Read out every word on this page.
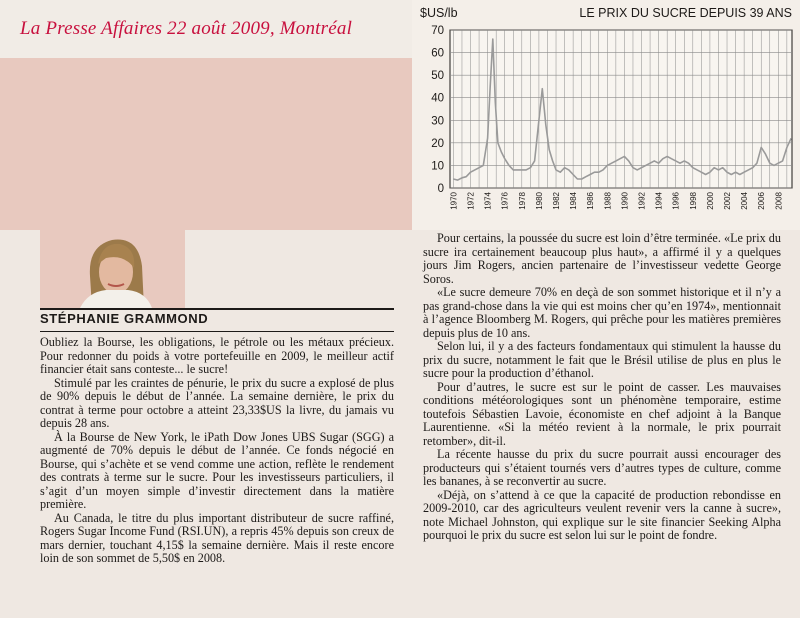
La Presse Affaires 22 août 2009, Montréal
$US/lb	LE PRIX DU SUCRE DEPUIS 39 ANS
0
10
20
30
40
50
60
70
1970 1972 1974 1976 1978 1980 1982 1984 1986 1988 1990 1992 1994 1996 1998 2000 2002 2004 2006 2008
STÉPHANIE GRAMMOND

Oubliez la Bourse, les obligations, le pétrole ou les métaux précieux. Pour redonner du poids à votre portefeuille en 2009, le meilleur actif financier était sans conteste... le sucre!

Stimulé par les craintes de pénurie, le prix du sucre a explosé de plus de 90% depuis le début de l’année. La semaine dernière, le prix du contrat à terme pour octobre a atteint 23,33$US la livre, du jamais vu depuis 28 ans.

À la Bourse de New York, le iPath Dow Jones UBS Sugar (SGG) a augmenté de 70% depuis le début de l’année. Ce fonds négocié en Bourse, qui s’achète et se vend comme une action, reflète le rendement des contrats à terme sur le sucre. Pour les investisseurs particuliers, il s’agit d’un moyen simple d’investir directement dans la matière première.

Au Canada, le titre du plus important distributeur de sucre raffiné, Rogers Sugar Income Fund (RSI.UN), a repris 45% depuis son creux de mars dernier, touchant 4,15$ la semaine dernière. Mais il reste encore loin de son sommet de 5,50$ en 2008.

Pour certains, la poussée du sucre est loin d’être terminée. «Le prix du sucre ira certainement beaucoup plus haut», a affirmé il y a quelques jours Jim Rogers, ancien partenaire de l’investisseur vedette George Soros.

«Le sucre demeure 70% en deçà de son sommet historique et il n’y a pas grand-chose dans la vie qui est moins cher qu’en 1974», mentionnait à l’agence Bloomberg M. Rogers, qui prêche pour les matières premières depuis plus de 10 ans.

Selon lui, il y a des facteurs fondamentaux qui stimulent la hausse du prix du sucre, notamment le fait que le Brésil utilise de plus en plus le sucre pour la production d’éthanol.

Pour d’autres, le sucre est sur le point de casser. Les mauvaises conditions météorologiques sont un phénomène temporaire, estime toutefois Sébastien Lavoie, économiste en chef adjoint à la Banque Laurentienne. «Si la météo revient à la normale, le prix pourrait retomber», dit-il.

La récente hausse du prix du sucre pourrait aussi encourager des producteurs qui s’étaient tournés vers d’autres types de culture, comme les bananes, à se reconvertir au sucre.

«Déjà, on s’attend à ce que la capacité de production rebondisse en 2009-2010, car des agriculteurs veulent revenir vers la canne à sucre», note Michael Johnston, qui explique sur le site financier Seeking Alpha pourquoi le prix du sucre est selon lui sur le point de fondre.
